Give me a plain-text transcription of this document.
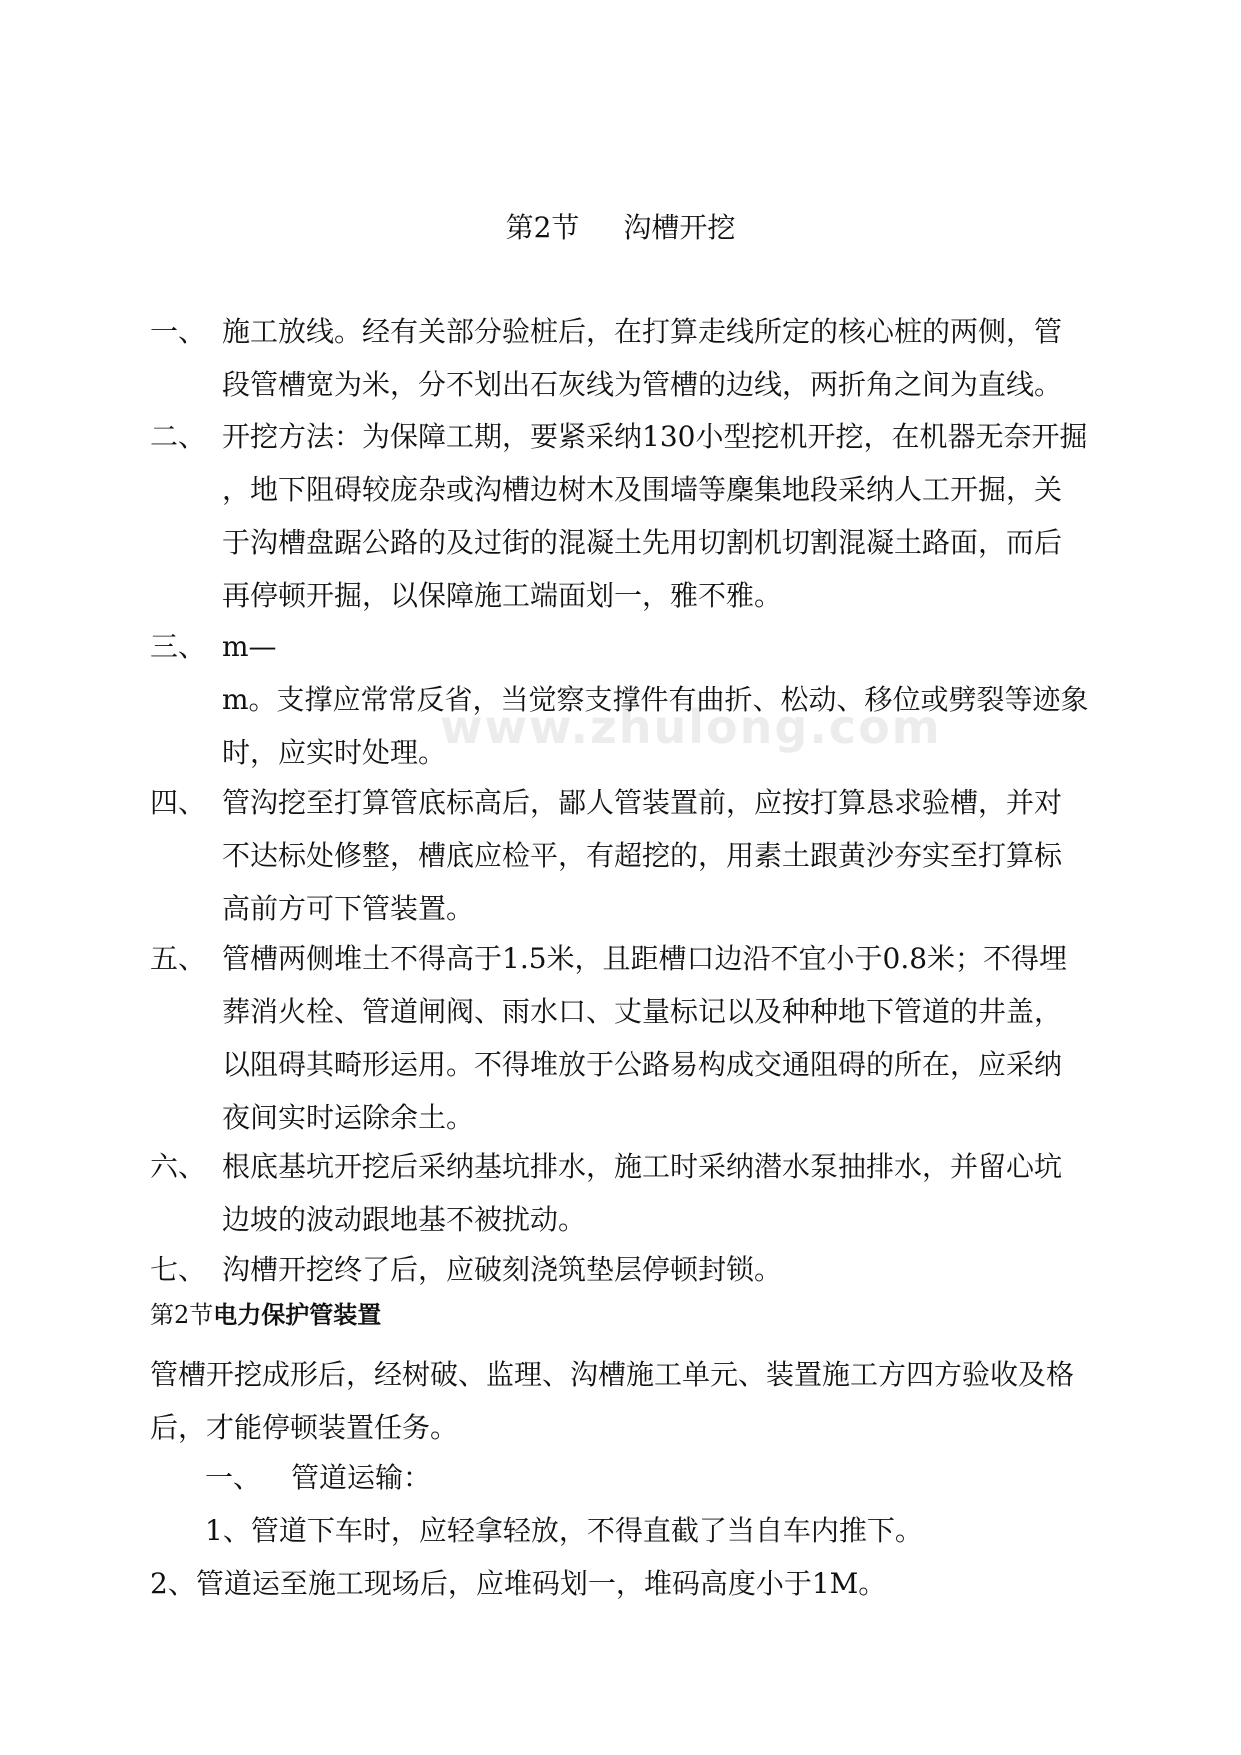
第2节 沟槽开挖
www.zhulong.com
一、 施工放线。经有关部分验桩后，在打算走线所定的核心桩的两侧，管
段管槽宽为米，分不划出石灰线为管槽的边线，两折角之间为直线。
二、 开挖方法：为保障工期，要紧采纳130小型挖机开挖，在机器无奈开掘
，地下阻碍较庞杂或沟槽边树木及围墙等麇集地段采纳人工开掘，关
于沟槽盘踞公路的及过街的混凝土先用切割机切割混凝土路面，而后
再停顿开掘，以保障施工端面划一，雅不雅。
三、 m—
m。支撑应常常反省，当觉察支撑件有曲折、松动、移位或劈裂等迹象
时，应实时处理。
四、 管沟挖至打算管底标高后，鄙人管装置前，应按打算恳求验槽，并对
不达标处修整，槽底应检平，有超挖的，用素土跟黄沙夯实至打算标
高前方可下管装置。
五、 管槽两侧堆土不得高于1.5米，且距槽口边沿不宜小于0.8米；不得埋
葬消火栓、管道闸阀、雨水口、丈量标记以及种种地下管道的井盖，
以阻碍其畸形运用。不得堆放于公路易构成交通阻碍的所在，应采纳
夜间实时运除余土。
六、 根底基坑开挖后采纳基坑排水，施工时采纳潜水泵抽排水，并留心坑
边坡的波动跟地基不被扰动。
七、 沟槽开挖终了后，应破刻浇筑垫层停顿封锁。
第2节电力保护管装置
管槽开挖成形后，经树破、监理、沟槽施工单元、装置施工方四方验收及格
后，才能停顿装置任务。
一、 管道运输：
1、管道下车时，应轻拿轻放，不得直截了当自车内推下。
2、管道运至施工现场后，应堆码划一，堆码高度小于1M。
